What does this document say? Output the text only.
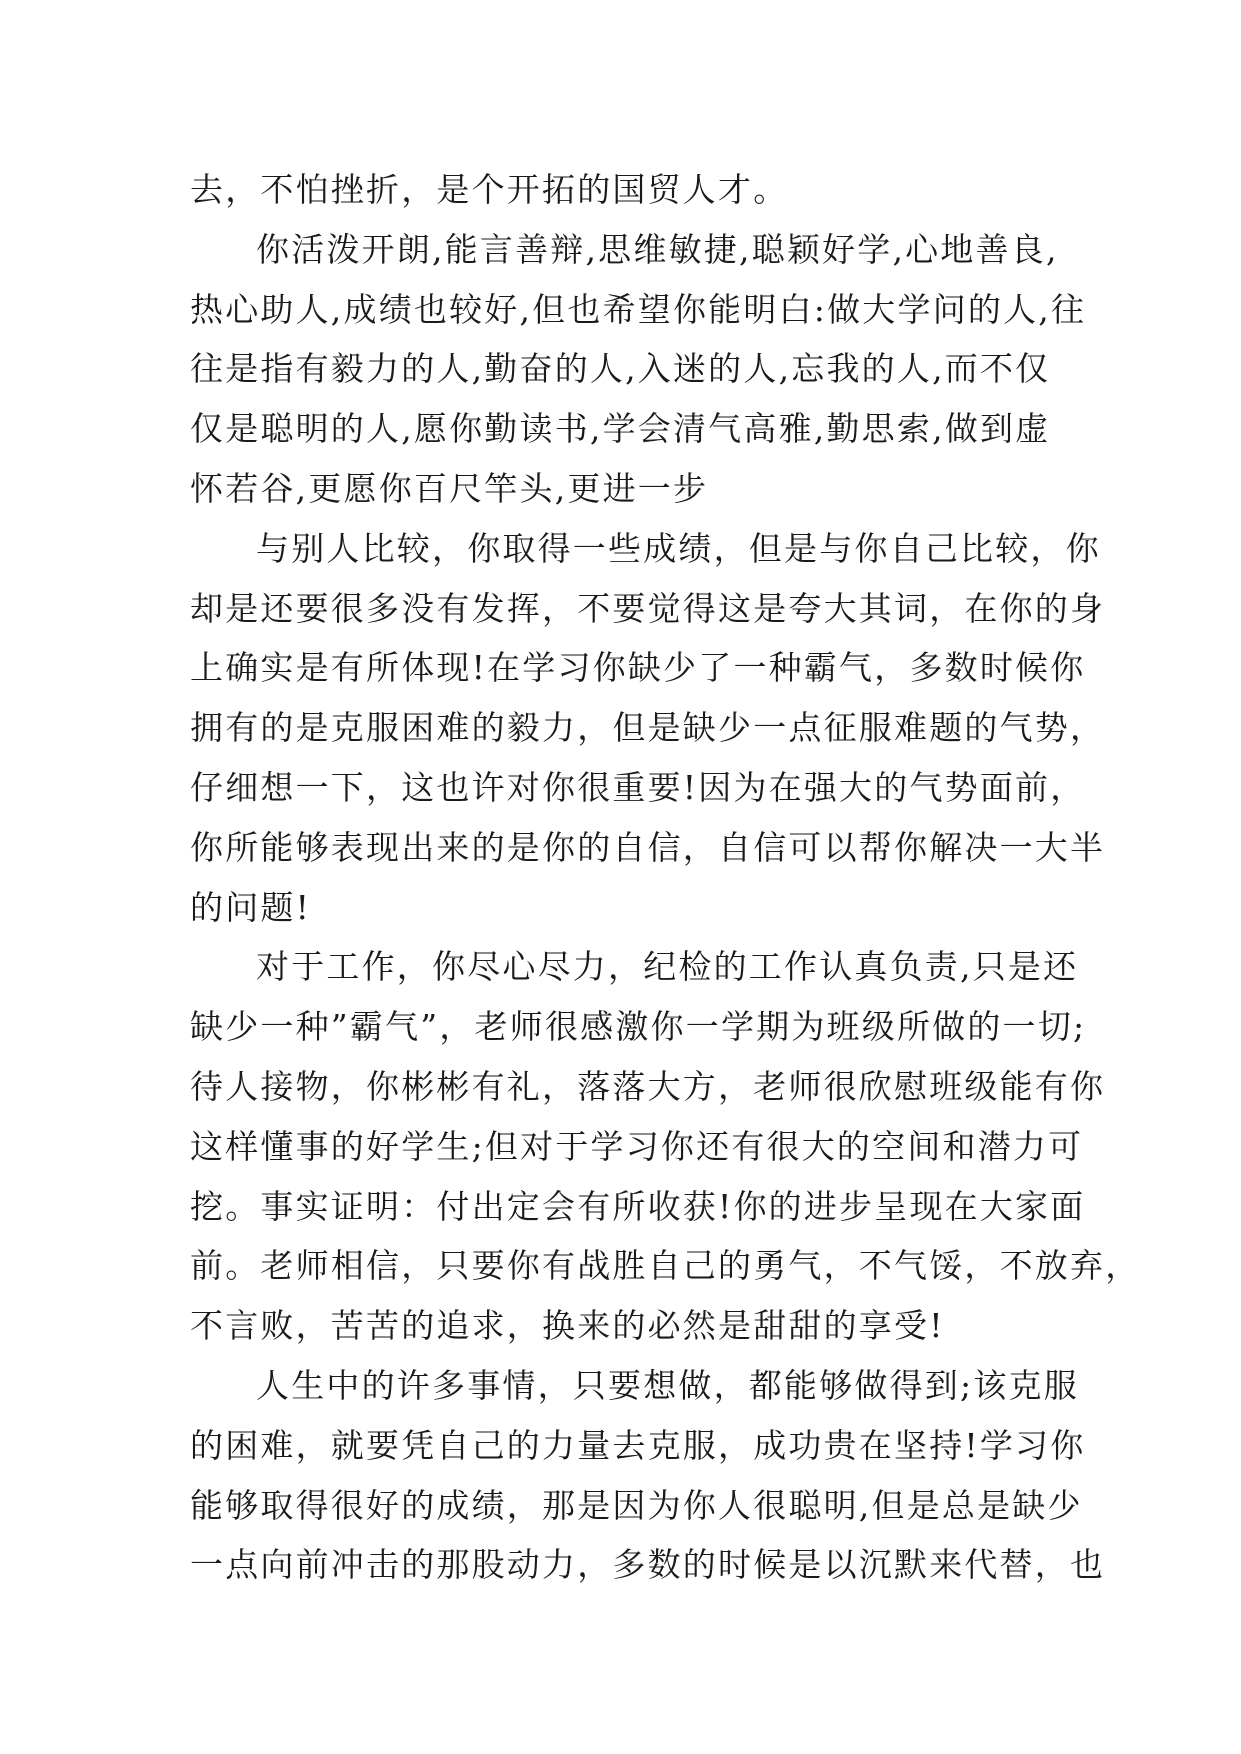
去，不怕挫折，是个开拓的国贸人才。
你活泼开朗,能言善辩,思维敏捷,聪颖好学,心地善良,
热心助人,成绩也较好,但也希望你能明白:做大学问的人,往
往是指有毅力的人,勤奋的人,入迷的人,忘我的人,而不仅
仅是聪明的人,愿你勤读书,学会清气高雅,勤思索,做到虚
怀若谷,更愿你百尺竿头,更进一步
与别人比较，你取得一些成绩，但是与你自己比较，你
却是还要很多没有发挥，不要觉得这是夸大其词，在你的身
上确实是有所体现!在学习你缺少了一种霸气，多数时候你
拥有的是克服困难的毅力，但是缺少一点征服难题的气势，
仔细想一下，这也许对你很重要!因为在强大的气势面前，
你所能够表现出来的是你的自信，自信可以帮你解决一大半
的问题!
对于工作，你尽心尽力，纪检的工作认真负责,只是还
缺少一种”霸气”，老师很感激你一学期为班级所做的一切;
待人接物，你彬彬有礼，落落大方，老师很欣慰班级能有你
这样懂事的好学生;但对于学习你还有很大的空间和潜力可
挖。事实证明：付出定会有所收获!你的进步呈现在大家面
前。老师相信，只要你有战胜自己的勇气，不气馁，不放弃，
不言败，苦苦的追求，换来的必然是甜甜的享受!
人生中的许多事情，只要想做，都能够做得到;该克服
的困难，就要凭自己的力量去克服，成功贵在坚持!学习你
能够取得很好的成绩，那是因为你人很聪明,但是总是缺少
一点向前冲击的那股动力，多数的时候是以沉默来代替，也
